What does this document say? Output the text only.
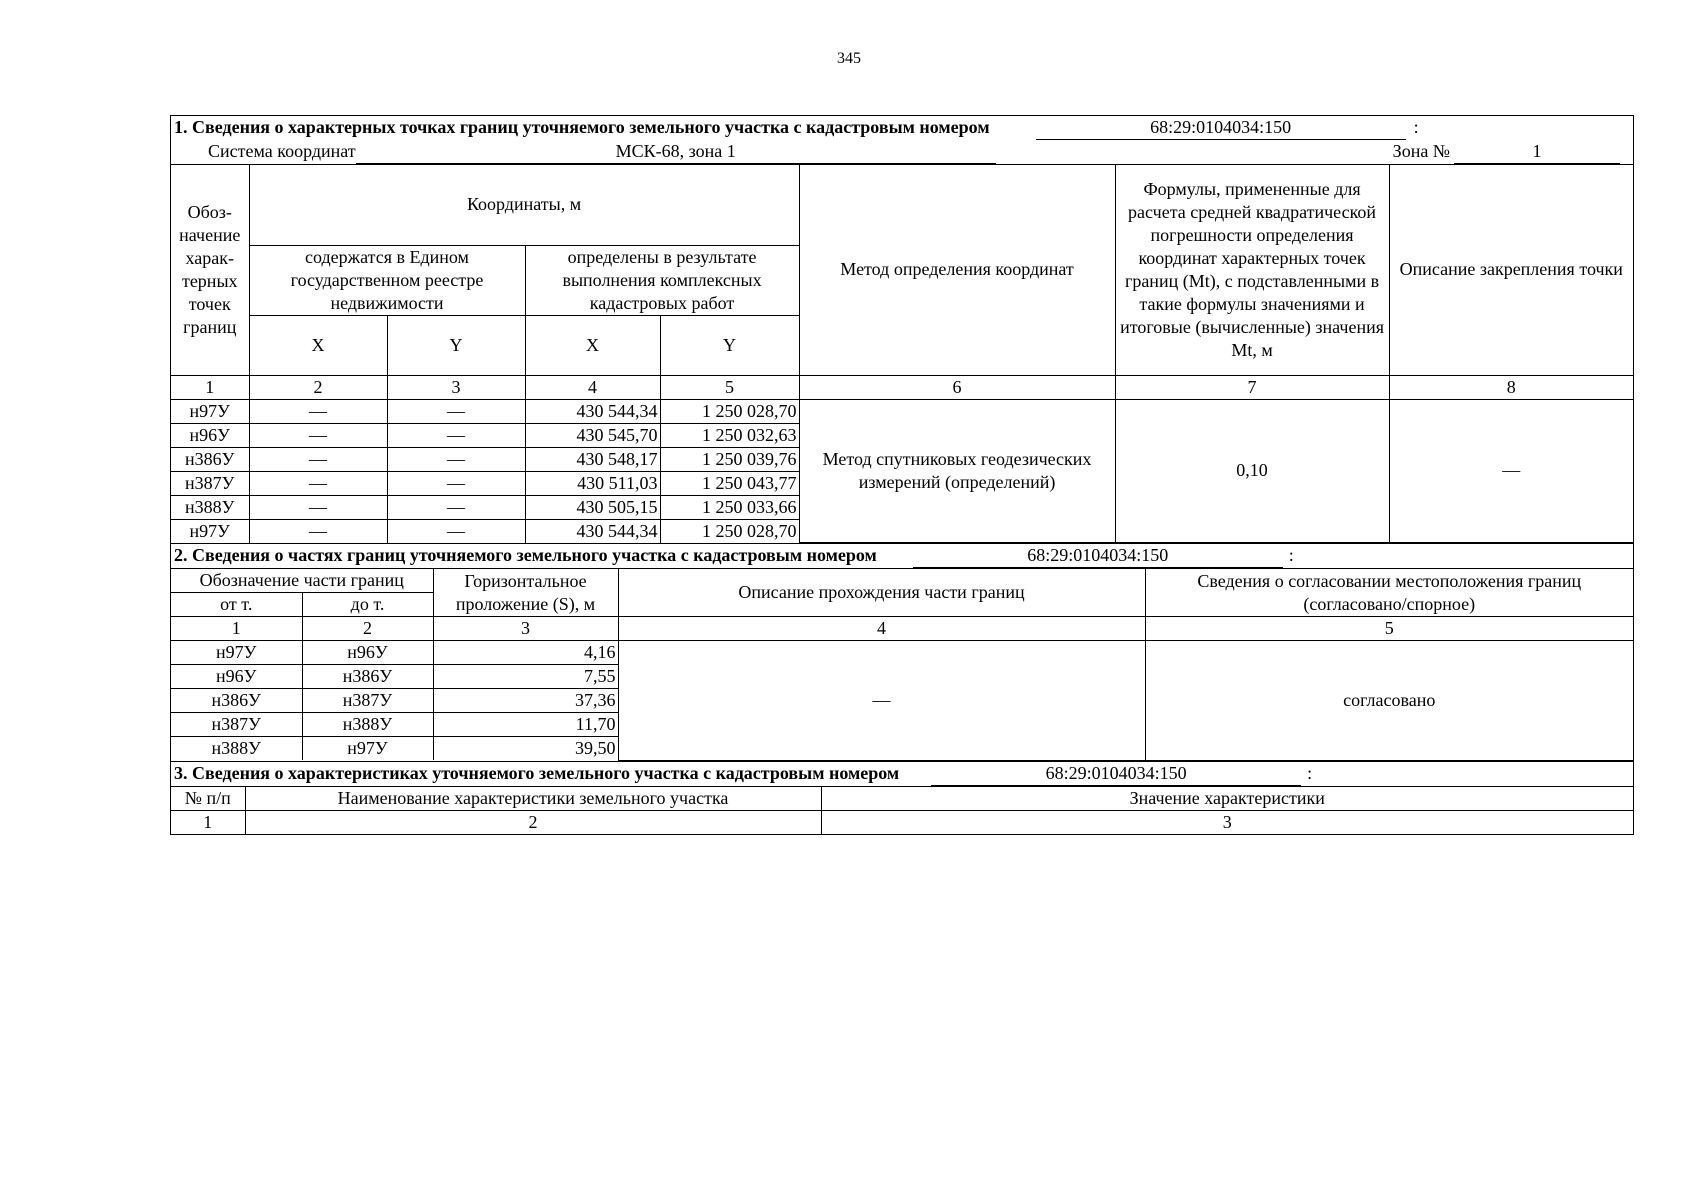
345
1. Сведения о характерных точках границ уточняемого земельного участка с кадастровым номером	68:29:0104034:150	:
Система координат	МСК-68, зона 1	Зона №	1
Обоз-начение харак-терных точек границ	Координаты, м				Метод определения координат	Формулы, примененные для расчета средней квадратической погрешности определения координат характерных точек границ (Mt), с подставленными в такие формулы значениями и итоговые (вычисленные) значения Mt, м	Описание закрепления точки
	содержатся в Едином государственном реестре недвижимости		определены в результате выполнения комплексных кадастровых работ				
	X	Y	X	Y			
1	2	3	4	5	6	7	8
н97У	—	—	430 544,34	1 250 028,70	Метод спутниковых геодезических измерений (определений)	0,10	—
н96У	—	—	430 545,70	1 250 032,63			
н386У	—	—	430 548,17	1 250 039,76			
н387У	—	—	430 511,03	1 250 043,77			
н388У	—	—	430 505,15	1 250 033,66			
н97У	—	—	430 544,34	1 250 028,70			
2. Сведения о частях границ уточняемого земельного участка с кадастровым номером	68:29:0104034:150	:
Обозначение части границ		Горизонтальное проложение (S), м	Описание прохождения части границ	Сведения о согласовании местоположения границ (согласовано/спорное)
от т.	до т.			
1	2	3	4	5
н97У	н96У	4,16	—	согласовано
н96У	н386У	7,55		
н386У	н387У	37,36		
н387У	н388У	11,70		
н388У	н97У	39,50		
3. Сведения о характеристиках уточняемого земельного участка с кадастровым номером	68:29:0104034:150	:
№ п/п	Наименование характеристики земельного участка	Значение характеристики
1	2	3
